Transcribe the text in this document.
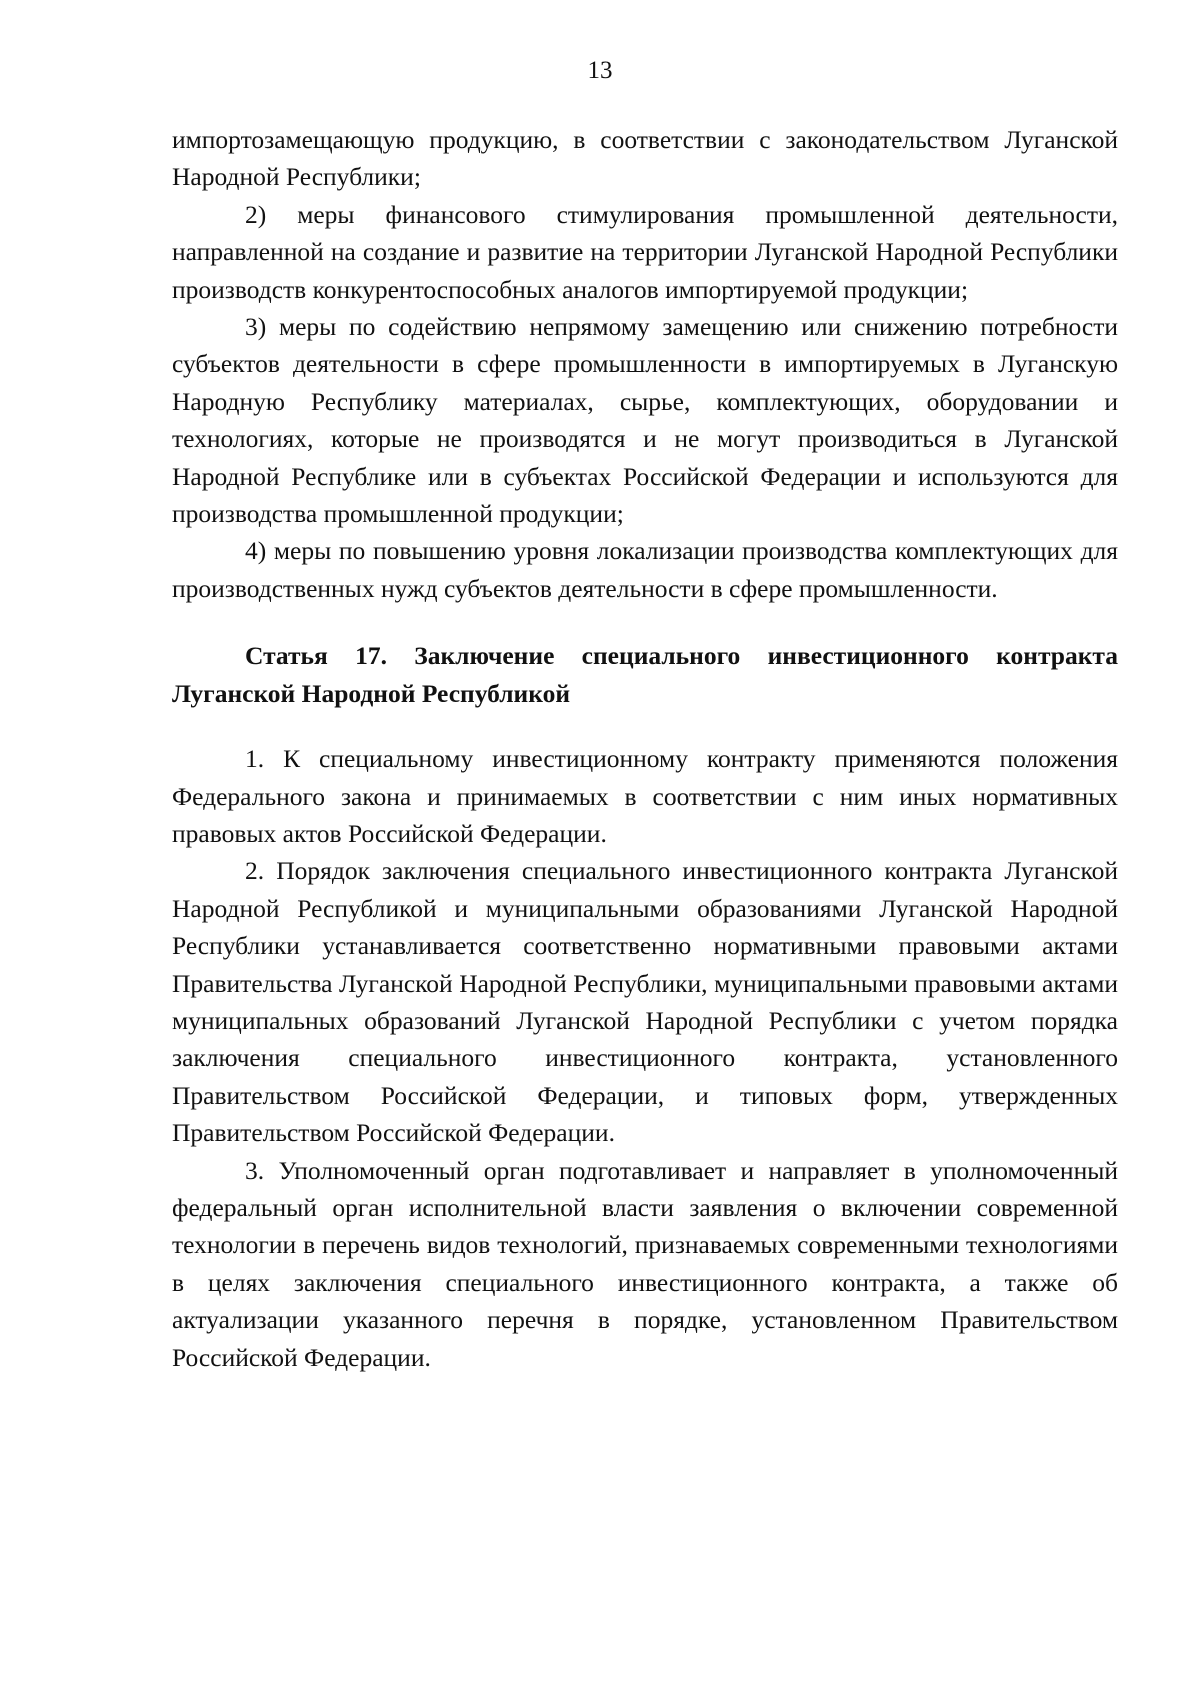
13

импортозамещающую продукцию, в соответствии с законодательством Луганской Народной Республики;

2) меры финансового стимулирования промышленной деятельности, направленной на создание и развитие на территории Луганской Народной Республики производств конкурентоспособных аналогов импортируемой продукции;

3) меры по содействию непрямому замещению или снижению потребности субъектов деятельности в сфере промышленности в импортируемых в Луганскую Народную Республику материалах, сырье, комплектующих, оборудовании и технологиях, которые не производятся и не могут производиться в Луганской Народной Республике или в субъектах Российской Федерации и используются для производства промышленной продукции;

4) меры по повышению уровня локализации производства комплектующих для производственных нужд субъектов деятельности в сфере промышленности.

Статья 17. Заключение специального инвестиционного контракта Луганской Народной Республикой

1. К специальному инвестиционному контракту применяются положения Федерального закона и принимаемых в соответствии с ним иных нормативных правовых актов Российской Федерации.

2. Порядок заключения специального инвестиционного контракта Луганской Народной Республикой и муниципальными образованиями Луганской Народной Республики устанавливается соответственно нормативными правовыми актами Правительства Луганской Народной Республики, муниципальными правовыми актами муниципальных образований Луганской Народной Республики с учетом порядка заключения специального инвестиционного контракта, установленного Правительством Российской Федерации, и типовых форм, утвержденных Правительством Российской Федерации.

3. Уполномоченный орган подготавливает и направляет в уполномоченный федеральный орган исполнительной власти заявления о включении современной технологии в перечень видов технологий, признаваемых современными технологиями в целях заключения специального инвестиционного контракта, а также об актуализации указанного перечня в порядке, установленном Правительством Российской Федерации.
